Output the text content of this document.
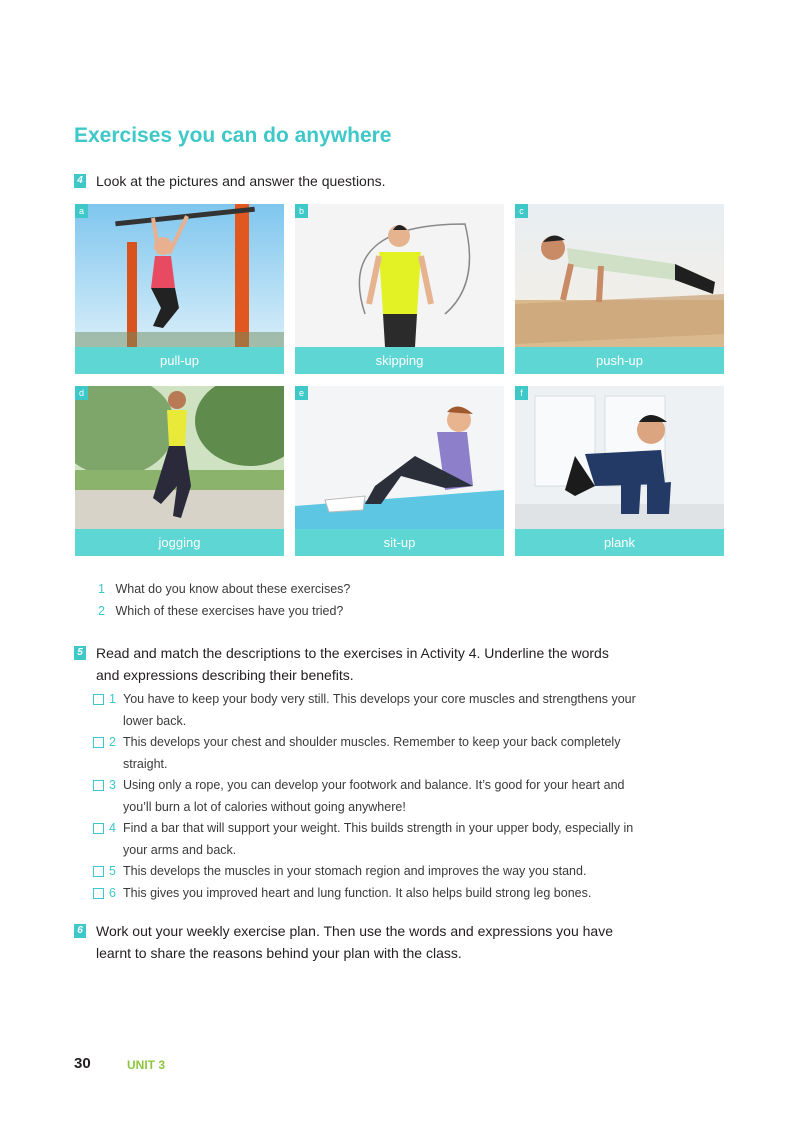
Exercises you can do anywhere
4 Look at the pictures and answer the questions.
a
pull-up
b
skipping
c
push-up
d
jogging
e
sit-up
f
plank
1 What do you know about these exercises?
2 Which of these exercises have you tried?
5 Read and match the descriptions to the exercises in Activity 4. Underline the words and expressions describing their benefits.
1 You have to keep your body very still. This develops your core muscles and strengthens your lower back.
2 This develops your chest and shoulder muscles. Remember to keep your back completely straight.
3 Using only a rope, you can develop your footwork and balance. It’s good for your heart and you’ll burn a lot of calories without going anywhere!
4 Find a bar that will support your weight. This builds strength in your upper body, especially in your arms and back.
5 This develops the muscles in your stomach region and improves the way you stand.
6 This gives you improved heart and lung function. It also helps build strong leg bones.
6 Work out your weekly exercise plan. Then use the words and expressions you have learnt to share the reasons behind your plan with the class.
30	UNIT 3
